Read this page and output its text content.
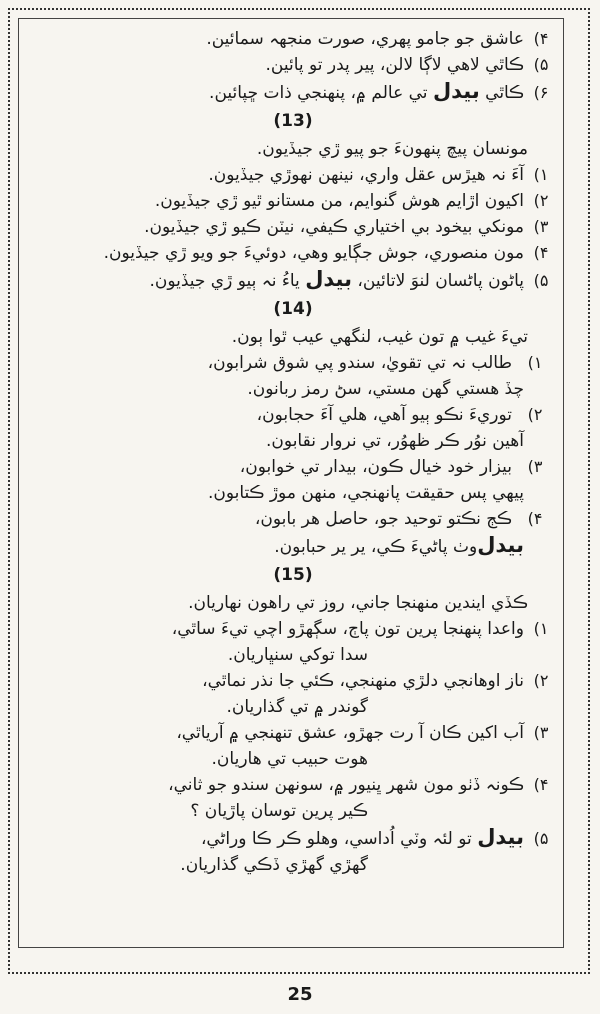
۴)
عاشق جو جامو پهري، صورت منجهہ سمائين.
۵)
ڪاٿي لاهي لاڳا لالن، پير پدر تو پائين.
۶)
ڪاٿي بيدل تي عالم ۾، پنهنجي ذات ڇپائين.
(13)
مونسان پيچ پنهونءَ جو پيو ڙي جيڏيون.
۱)
آءَ نہ هيڙس عقل واري، نينهن نهوڙي جيڏيون.
۲)
اکيون اڙايم هوش گنوايم، من مستانو ٿيو ڙي جيڏيون.
۳)
مونکي بيخود بي اختياري ڪيفي، نيٽن ڪيو ڙي جيڏيون.
۴)
مون منصوري، جوش جڳايو وهي، دوئيءَ جو ويو ڙي جيڏيون.
۵)
پاڻون پاڻسان لنوَ لاتائين، بيدل ياءُ نہ ٻيو ڙي جيڏيون.
(14)
تيءَ غيب ۾ تون غيب، لنگهي عيب ٿوا ٻون.
۱)
طالب نہ تي تقويٰ، سندو پي شوق شرابون،
چڏ هستي گهن مستي، سڻ رمز ربانون.
۲)
توريءَ نڪو ٻيو آهي، هلي آءَ حجابون،
آهين نوُر ڪر ظهوُر، تي نروار نقابون.
۳)
بيزار خود خيال ڪون، بيدار تي خوابون،
پيهي پس حقيقت پانهنجي، منهن موڙ ڪتابون.
۴)
ڪڄ نڪتو توحيد جو، حاصل هر بابون،
بيدل
وٺ پاڻيءَ ڪي، ير ير حبابون.
(15)
ڪڏي ايندين منهنجا جاني، روز تي راهون نهاريان.
۱)
واعدا پنهنجا پرين تون پاڄ، سڳهڙو اچي تيءَ ساٿي،
سدا توکي سنڀاريان.
۲)
ناز اوهانجي دلڙي منهنجي، ڪئي جا نذر نماٿي،
گوندر ۾ تي گذاريان.
۳)
آب اکين ڪان آ رت جهڙو، عشق تنهنجي ۾ آرياٿي،
هوت حبيب تي هاريان.
۴)
ڪونہ ڏٺو مون شهر ڀنيور ۾، سونهن سندو جو ثاني،
ڪير پرين توسان پاڙيان ؟
۵)
بيدل تو لئہ وٽي اُداسي، وهلو ڪر ڪا وراڻي،
گهڙي گهڙي ڏڪي گذاريان.
25
